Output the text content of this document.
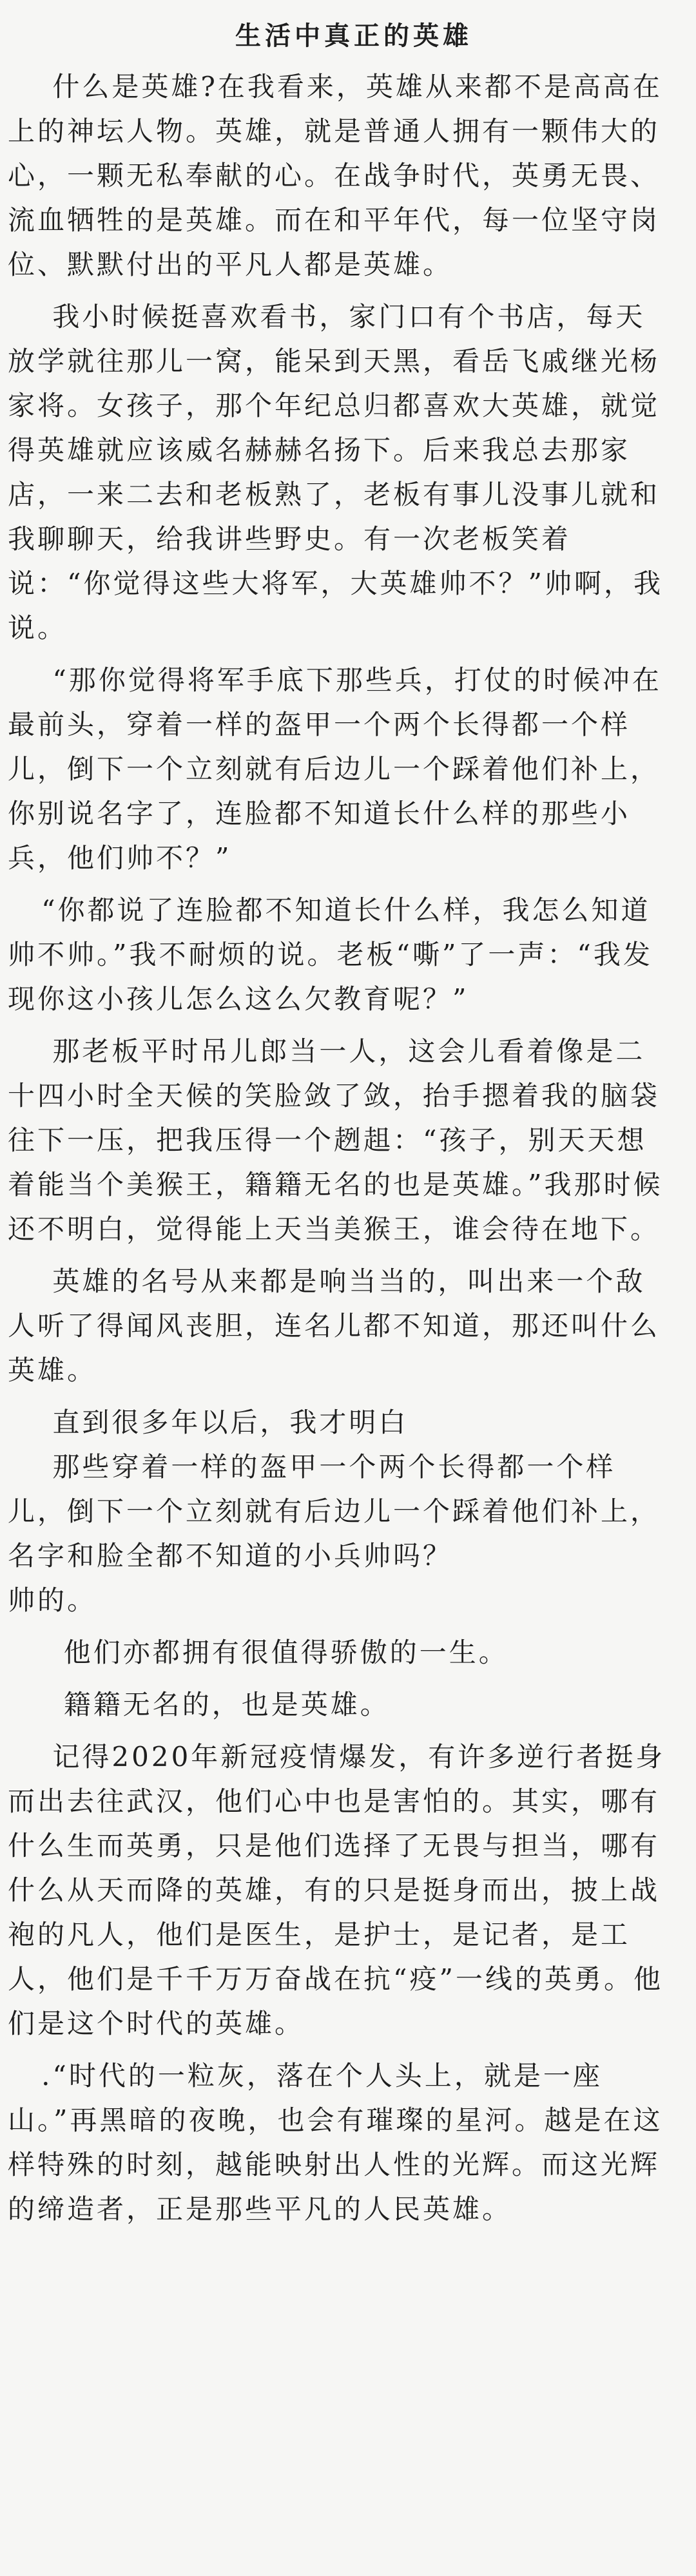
生活中真正的英雄

什么是英雄?在我看来，英雄从来都不是高高在上的神坛人物。英雄，就是普通人拥有一颗伟大的心，一颗无私奉献的心。在战争时代，英勇无畏、流血牺牲的是英雄。而在和平年代，每一位坚守岗位、默默付出的平凡人都是英雄。

我小时候挺喜欢看书，家门口有个书店，每天放学就往那儿一窝，能呆到天黑，看岳飞戚继光杨家将。女孩子，那个年纪总归都喜欢大英雄，就觉得英雄就应该威名赫赫名扬下。后来我总去那家店，一来二去和老板熟了，老板有事儿没事儿就和我聊聊天，给我讲些野史。有一次老板笑着说：“你觉得这些大将军，大英雄帅不？”帅啊，我说。

“那你觉得将军手底下那些兵，打仗的时候冲在最前头，穿着一样的盔甲一个两个长得都一个样儿，倒下一个立刻就有后边儿一个踩着他们补上，你别说名字了，连脸都不知道长什么样的那些小兵，他们帅不？”

“你都说了连脸都不知道长什么样，我怎么知道帅不帅。”我不耐烦的说。老板“嘶”了一声：“我发现你这小孩儿怎么这么欠教育呢？”

那老板平时吊儿郎当一人，这会儿看着像是二十四小时全天候的笑脸敛了敛，抬手摁着我的脑袋往下一压，把我压得一个趔趄：“孩子，别天天想着能当个美猴王，籍籍无名的也是英雄。”我那时候还不明白，觉得能上天当美猴王，谁会待在地下。

英雄的名号从来都是响当当的，叫出来一个敌人听了得闻风丧胆，连名儿都不知道，那还叫什么英雄。

直到很多年以后，我才明白

那些穿着一样的盔甲一个两个长得都一个样儿，倒下一个立刻就有后边儿一个踩着他们补上，名字和脸全都不知道的小兵帅吗？
帅的。

他们亦都拥有很值得骄傲的一生。

籍籍无名的，也是英雄。

记得2020年新冠疫情爆发，有许多逆行者挺身而出去往武汉，他们心中也是害怕的。其实，哪有什么生而英勇，只是他们选择了无畏与担当，哪有什么从天而降的英雄，有的只是挺身而出，披上战袍的凡人，他们是医生，是护士，是记者，是工人，他们是千千万万奋战在抗“疫”一线的英勇。他们是这个时代的英雄。

.“时代的一粒灰，落在个人头上，就是一座山。”再黑暗的夜晚，也会有璀璨的星河。越是在这样特殊的时刻，越能映射出人性的光辉。而这光辉的缔造者，正是那些平凡的人民英雄。
